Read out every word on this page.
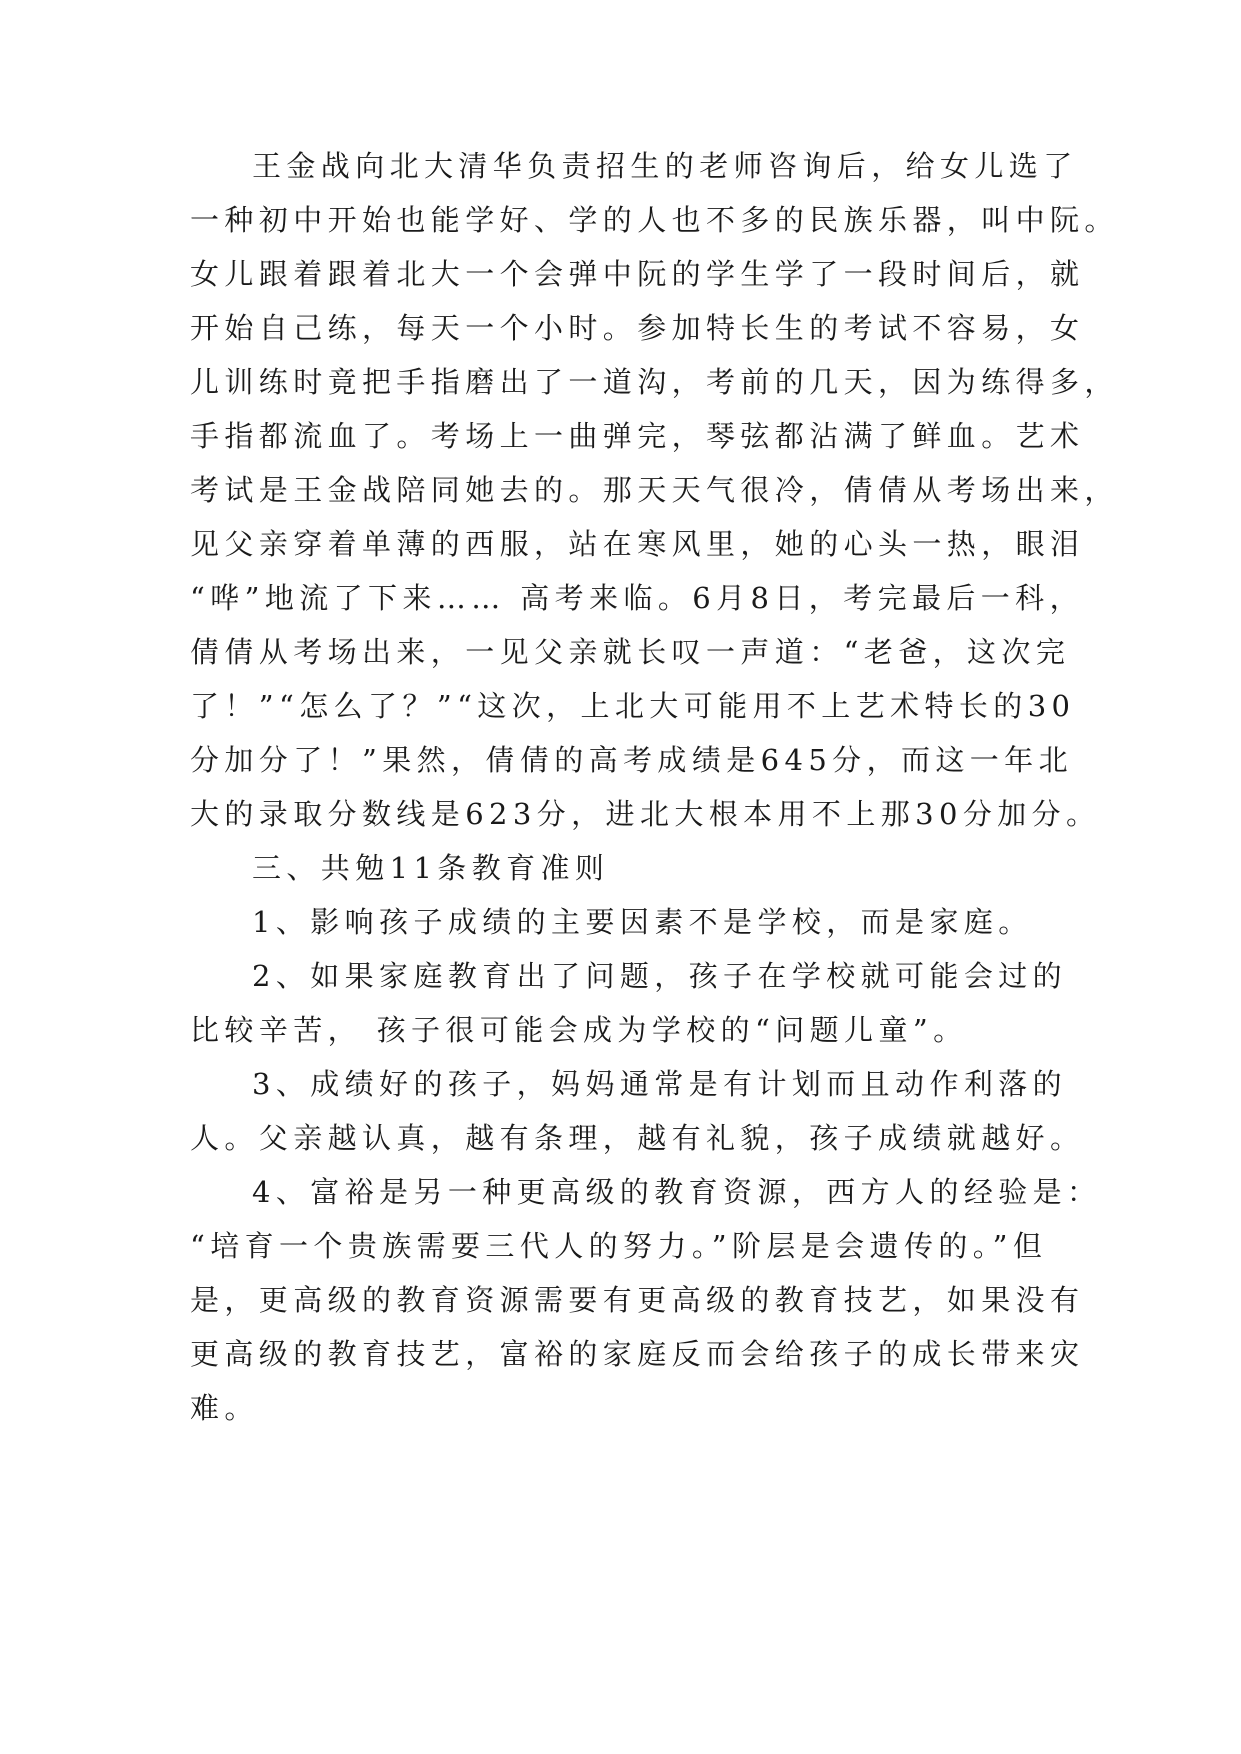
王金战向北大清华负责招生的老师咨询后，给女儿选了
一种初中开始也能学好、学的人也不多的民族乐器，叫中阮。
女儿跟着跟着北大一个会弹中阮的学生学了一段时间后，就
开始自己练，每天一个小时。参加特长生的考试不容易，女
儿训练时竟把手指磨出了一道沟，考前的几天，因为练得多，
手指都流血了。考场上一曲弹完，琴弦都沾满了鲜血。艺术
考试是王金战陪同她去的。那天天气很冷，倩倩从考场出来，
见父亲穿着单薄的西服，站在寒风里，她的心头一热，眼泪
“哗”地流了下来…… 高考来临。6月8日，考完最后一科，
倩倩从考场出来，一见父亲就长叹一声道：“老爸，这次完
了！”“怎么了？”“这次，上北大可能用不上艺术特长的30
分加分了！”果然，倩倩的高考成绩是645分，而这一年北
大的录取分数线是623分，进北大根本用不上那30分加分。
三、共勉11条教育准则
1、影响孩子成绩的主要因素不是学校，而是家庭。
2、如果家庭教育出了问题，孩子在学校就可能会过的
比较辛苦， 孩子很可能会成为学校的“问题儿童”。
3、成绩好的孩子，妈妈通常是有计划而且动作利落的
人。父亲越认真，越有条理，越有礼貌，孩子成绩就越好。
4、富裕是另一种更高级的教育资源，西方人的经验是：
“培育一个贵族需要三代人的努力。”阶层是会遗传的。”但
是，更高级的教育资源需要有更高级的教育技艺，如果没有
更高级的教育技艺，富裕的家庭反而会给孩子的成长带来灾
难。
